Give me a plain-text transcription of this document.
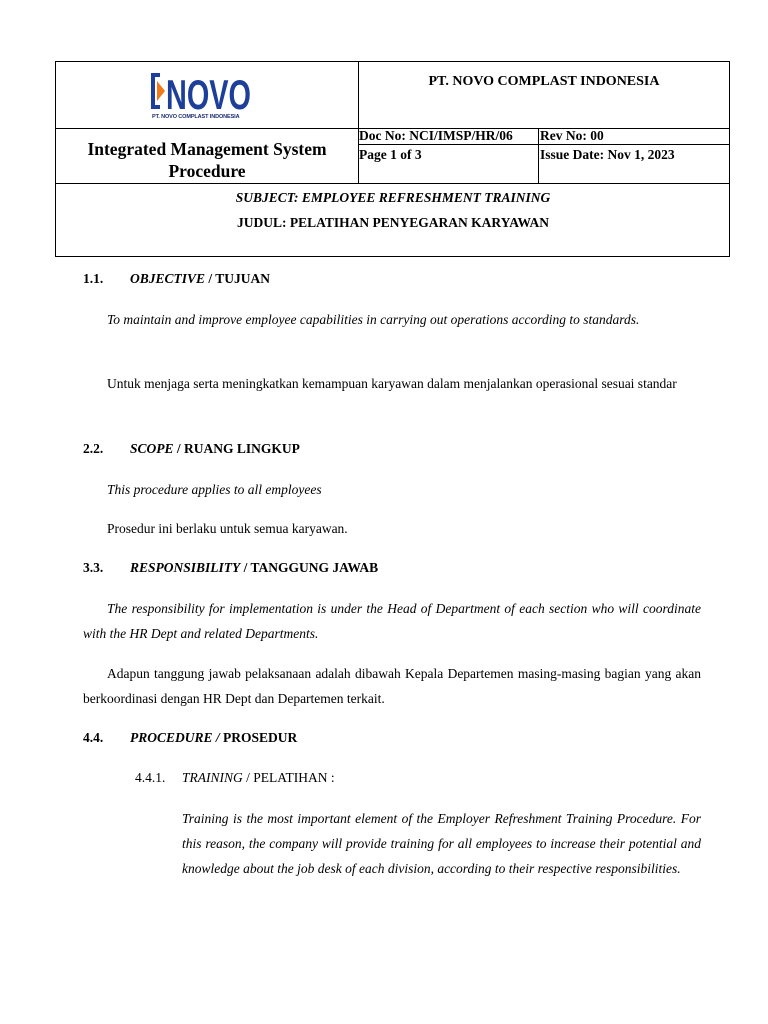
NOVO
PT. NOVO COMPLAST INDONESIA
PT. NOVO COMPLAST INDONESIA
Integrated Management System
Procedure
Doc No: NCI/IMSP/HR/06 Rev No: 00
Page 1 of 3	Issue Date: Nov 1, 2023
SUBJECT: EMPLOYEE REFRESHMENT TRAINING
JUDUL: PELATIHAN PENYEGARAN KARYAWAN
1.1. OBJECTIVE / TUJUAN
To maintain and improve employee capabilities in carrying out operations according to standards.
Untuk menjaga serta meningkatkan kemampuan karyawan dalam menjalankan operasional sesuai standar
2.2. SCOPE / RUANG LINGKUP
This procedure applies to all employees
Prosedur ini berlaku untuk semua karyawan.
3.3. RESPONSIBILITY / TANGGUNG JAWAB
The responsibility for implementation is under the Head of Department of each section who will coordinate with the HR Dept and related Departments.
Adapun tanggung jawab pelaksanaan adalah dibawah Kepala Departemen masing-masing bagian yang akan berkoordinasi dengan HR Dept dan Departemen terkait.
4.4. PROCEDURE / PROSEDUR
4.4.1. TRAINING / PELATIHAN :
Training is the most important element of the Employer Refreshment Training Procedure. For this reason, the company will provide training for all employees to increase their potential and knowledge about the job desk of each division, according to their respective responsibilities.
